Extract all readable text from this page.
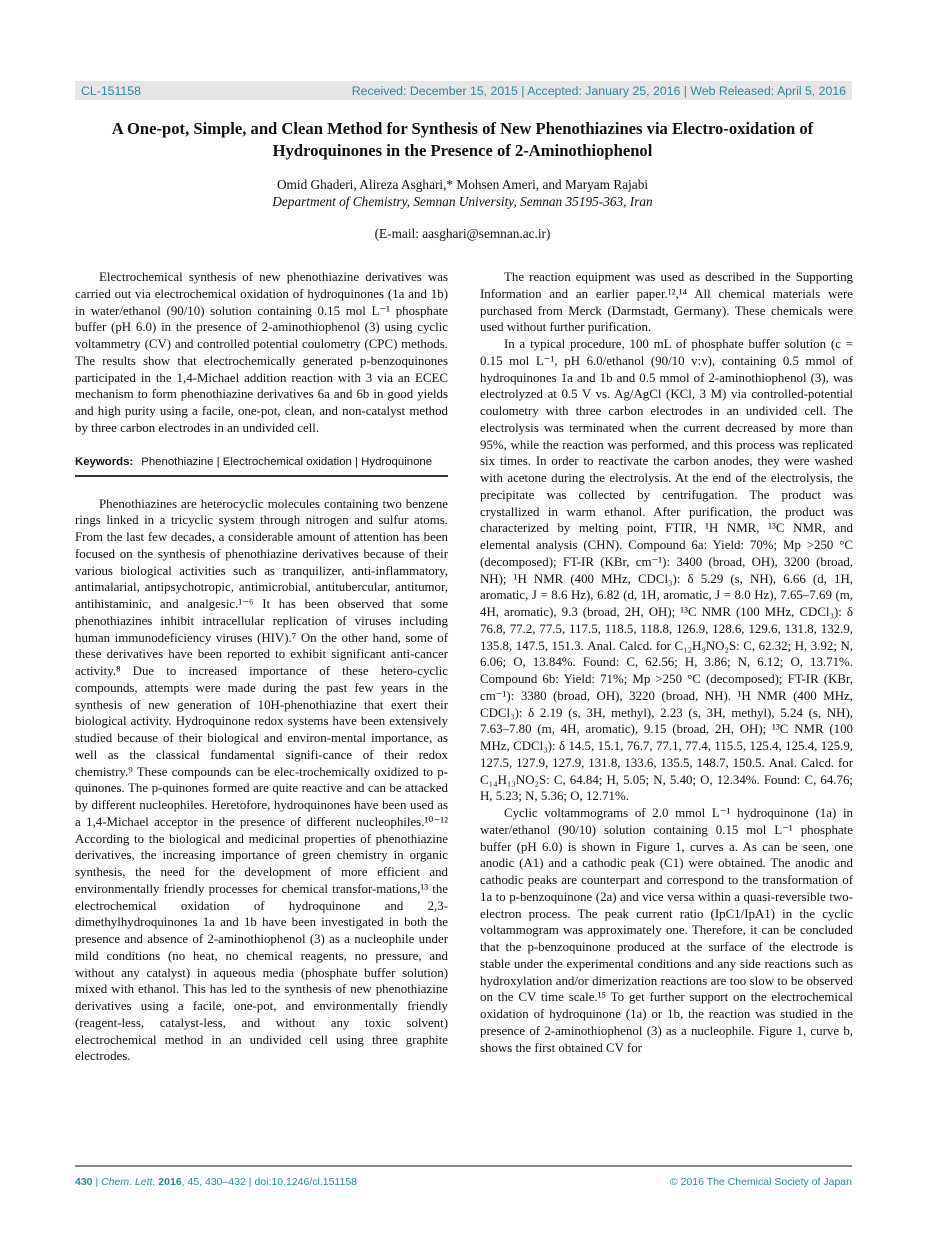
CL-151158	Received: December 15, 2015 | Accepted: January 25, 2016 | Web Released: April 5, 2016
A One-pot, Simple, and Clean Method for Synthesis of New Phenothiazines via Electro-oxidation of Hydroquinones in the Presence of 2-Aminothiophenol
Omid Ghaderi, Alireza Asghari,* Mohsen Ameri, and Maryam Rajabi
Department of Chemistry, Semnan University, Semnan 35195-363, Iran
(E-mail: aasghari@semnan.ac.ir)

Electrochemical synthesis of new phenothiazine derivatives was carried out via electrochemical oxidation of hydroquinones (1a and 1b) in water/ethanol (90/10) solution containing 0.15 mol L⁻¹ phosphate buffer (pH 6.0) in the presence of 2-aminothiophenol (3) using cyclic voltammetry (CV) and controlled potential coulometry (CPC) methods. The results show that electrochemically generated p-benzoquinones participated in the 1,4-Michael addition reaction with 3 via an ECEC mechanism to form phenothiazine derivatives 6a and 6b in good yields and high purity using a facile, one-pot, clean, and non-catalyst method by three carbon electrodes in an undivided cell.

Keywords: Phenothiazine | Electrochemical oxidation | Hydroquinone

Phenothiazines are heterocyclic molecules containing two benzene rings linked in a tricyclic system through nitrogen and sulfur atoms. From the last few decades, a considerable amount of attention has been focused on the synthesis of phenothiazine derivatives because of their various biological activities such as tranquilizer, anti-inflammatory, antimalarial, antipsychotropic, antimicrobial, antitubercular, antitumor, antihistaminic, and analgesic.¹⁻⁶ It has been observed that some phenothiazines inhibit intracellular replication of viruses including human immunodeficiency viruses (HIV).⁷ On the other hand, some of these derivatives have been reported to exhibit significant anti-cancer activity.⁸ Due to increased importance of these hetero-cyclic compounds, attempts were made during the past few years in the synthesis of new generation of 10H-phenothiazine that exert their biological activity. Hydroquinone redox systems have been extensively studied because of their biological and environ-mental importance, as well as the classical fundamental signifi-cance of their redox chemistry.⁹ These compounds can be elec-trochemically oxidized to p-quinones. The p-quinones formed are quite reactive and can be attacked by different nucleophiles. Heretofore, hydroquinones have been used as a 1,4-Michael acceptor in the presence of different nucleophiles.¹⁰⁻¹² According to the biological and medicinal properties of phenothiazine derivatives, the increasing importance of green chemistry in organic synthesis, the need for the development of more efficient and environmentally friendly processes for chemical transfor-mations,¹³ the electrochemical oxidation of hydroquinone and 2,3-dimethylhydroquinones 1a and 1b have been investigated in both the presence and absence of 2-aminothiophenol (3) as a nucleophile under mild conditions (no heat, no chemical reagents, no pressure, and without any catalyst) in aqueous media (phosphate buffer solution) mixed with ethanol. This has led to the synthesis of new phenothiazine derivatives using a facile, one-pot, and environmentally friendly (reagent-less, catalyst-less, and without any toxic solvent) electrochemical method in an undivided cell using three graphite electrodes.

The reaction equipment was used as described in the Supporting Information and an earlier paper.¹²,¹⁴ All chemical materials were purchased from Merck (Darmstadt, Germany). These chemicals were used without further purification.

In a typical procedure, 100 mL of phosphate buffer solution (c = 0.15 mol L⁻¹, pH 6.0/ethanol (90/10 v:v), containing 0.5 mmol of hydroquinones 1a and 1b and 0.5 mmol of 2-aminothiophenol (3), was electrolyzed at 0.5 V vs. Ag/AgCl (KCl, 3 M) via controlled-potential coulometry with three carbon electrodes in an undivided cell. The electrolysis was terminated when the current decreased by more than 95%, while the reaction was performed, and this process was replicated six times. In order to reactivate the carbon anodes, they were washed with acetone during the electrolysis. At the end of the electrolysis, the precipitate was collected by centrifugation. The product was crystallized in warm ethanol. After purification, the product was characterized by melting point, FTIR, ¹H NMR, ¹³C NMR, and elemental analysis (CHN). Compound 6a: Yield: 70%; Mp >250 °C (decomposed); FT-IR (KBr, cm⁻¹): 3400 (broad, OH), 3200 (broad, NH); ¹H NMR (400 MHz, CDCl₃): δ 5.29 (s, NH), 6.66 (d, 1H, aromatic, J = 8.6 Hz), 6.82 (d, 1H, aromatic, J = 8.0 Hz), 7.65–7.69 (m, 4H, aromatic), 9.3 (broad, 2H, OH); ¹³C NMR (100 MHz, CDCl₃): δ 76.8, 77.2, 77.5, 117.5, 118.5, 118.8, 126.9, 128.6, 129.6, 131.8, 132.9, 135.8, 147.5, 151.3. Anal. Calcd. for C₁₂H₉NO₂S: C, 62.32; H, 3.92; N, 6.06; O, 13.84%. Found: C, 62.56; H, 3.86; N, 6.12; O, 13.71%. Compound 6b: Yield: 71%; Mp >250 °C (decomposed); FT-IR (KBr, cm⁻¹): 3380 (broad, OH), 3220 (broad, NH). ¹H NMR (400 MHz, CDCl₃): δ 2.19 (s, 3H, methyl), 2.23 (s, 3H, methyl), 5.24 (s, NH), 7.63–7.80 (m, 4H, aromatic), 9.15 (broad, 2H, OH); ¹³C NMR (100 MHz, CDCl₃): δ 14.5, 15.1, 76.7, 77.1, 77.4, 115.5, 125.4, 125.4, 125.9, 127.5, 127.9, 127.9, 131.8, 133.6, 135.5, 148.7, 150.5. Anal. Calcd. for C₁₄H₁₃NO₂S: C, 64.84; H, 5.05; N, 5.40; O, 12.34%. Found: C, 64.76; H, 5.23; N, 5.36; O, 12.71%.

Cyclic voltammograms of 2.0 mmol L⁻¹ hydroquinone (1a) in water/ethanol (90/10) solution containing 0.15 mol L⁻¹ phosphate buffer (pH 6.0) is shown in Figure 1, curves a. As can be seen, one anodic (A1) and a cathodic peak (C1) were obtained. The anodic and cathodic peaks are counterpart and correspond to the transformation of 1a to p-benzoquinone (2a) and vice versa within a quasi-reversible two-electron process. The peak current ratio (IpC1/IpA1) in the cyclic voltammogram was approximately one. Therefore, it can be concluded that the p-benzoquinone produced at the surface of the electrode is stable under the experimental conditions and any side reactions such as hydroxylation and/or dimerization reactions are too slow to be observed on the CV time scale.¹⁵ To get further support on the electrochemical oxidation of hydroquinone (1a) or 1b, the reaction was studied in the presence of 2-aminothiophenol (3) as a nucleophile. Figure 1, curve b, shows the first obtained CV for

430 | Chem. Lett. 2016, 45, 430–432 | doi:10.1246/cl.151158	© 2016 The Chemical Society of Japan
